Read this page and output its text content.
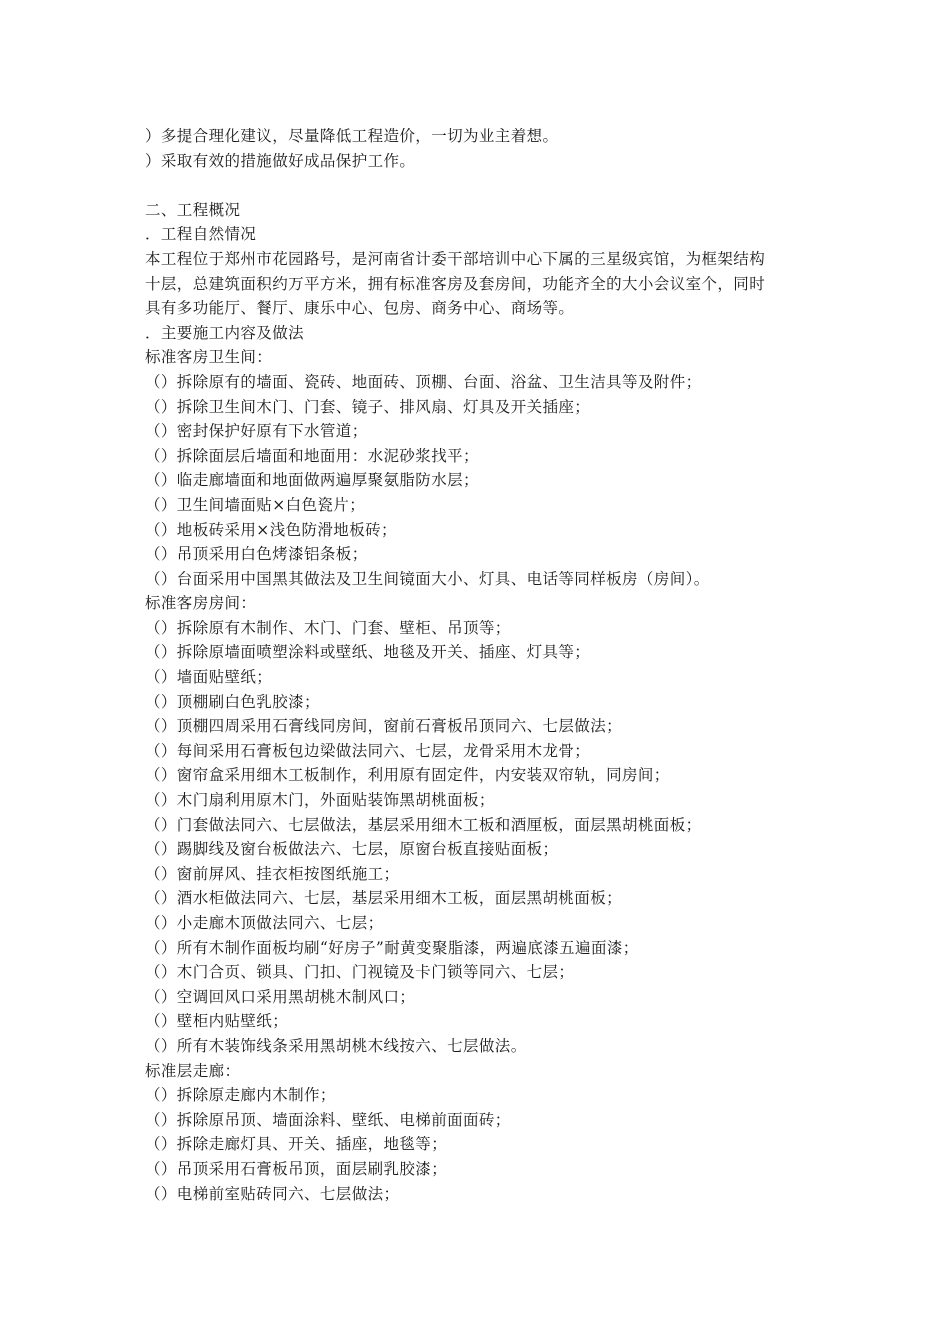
）多提合理化建议，尽量降低工程造价，一切为业主着想。
）采取有效的措施做好成品保护工作。
二、工程概况
．工程自然情况
本工程位于郑州市花园路号，是河南省计委干部培训中心下属的三星级宾馆，为框架结构
十层，总建筑面积约万平方米，拥有标准客房及套房间，功能齐全的大小会议室个，同时
具有多功能厅、餐厅、康乐中心、包房、商务中心、商场等。
．主要施工内容及做法
标准客房卫生间：
（）拆除原有的墙面、瓷砖、地面砖、顶棚、台面、浴盆、卫生洁具等及附件；
（）拆除卫生间木门、门套、镜子、排风扇、灯具及开关插座；
（）密封保护好原有下水管道；
（）拆除面层后墙面和地面用：水泥砂浆找平；
（）临走廊墙面和地面做两遍厚聚氨脂防水层；
（）卫生间墙面贴×白色瓷片；
（）地板砖采用×浅色防滑地板砖；
（）吊顶采用白色烤漆铝条板；
（）台面采用中国黑其做法及卫生间镜面大小、灯具、电话等同样板房（房间）。
标准客房房间：
（）拆除原有木制作、木门、门套、壁柜、吊顶等；
（）拆除原墙面喷塑涂料或壁纸、地毯及开关、插座、灯具等；
（）墙面贴壁纸；
（）顶棚刷白色乳胶漆；
（）顶棚四周采用石膏线同房间，窗前石膏板吊顶同六、七层做法；
（）每间采用石膏板包边梁做法同六、七层，龙骨采用木龙骨；
（）窗帘盒采用细木工板制作，利用原有固定件，内安装双帘轨，同房间；
（）木门扇利用原木门，外面贴装饰黑胡桃面板；
（）门套做法同六、七层做法，基层采用细木工板和酒厘板，面层黑胡桃面板；
（）踢脚线及窗台板做法六、七层，原窗台板直接贴面板；
（）窗前屏风、挂衣柜按图纸施工；
（）酒水柜做法同六、七层，基层采用细木工板，面层黑胡桃面板；
（）小走廊木顶做法同六、七层；
（）所有木制作面板均刷“好房子”耐黄变聚脂漆，两遍底漆五遍面漆；
（）木门合页、锁具、门扣、门视镜及卡门锁等同六、七层；
（）空调回风口采用黑胡桃木制风口；
（）壁柜内贴壁纸；
（）所有木装饰线条采用黑胡桃木线按六、七层做法。
标准层走廊：
（）拆除原走廊内木制作；
（）拆除原吊顶、墙面涂料、壁纸、电梯前面面砖；
（）拆除走廊灯具、开关、插座，地毯等；
（）吊顶采用石膏板吊顶，面层刷乳胶漆；
（）电梯前室贴砖同六、七层做法；
